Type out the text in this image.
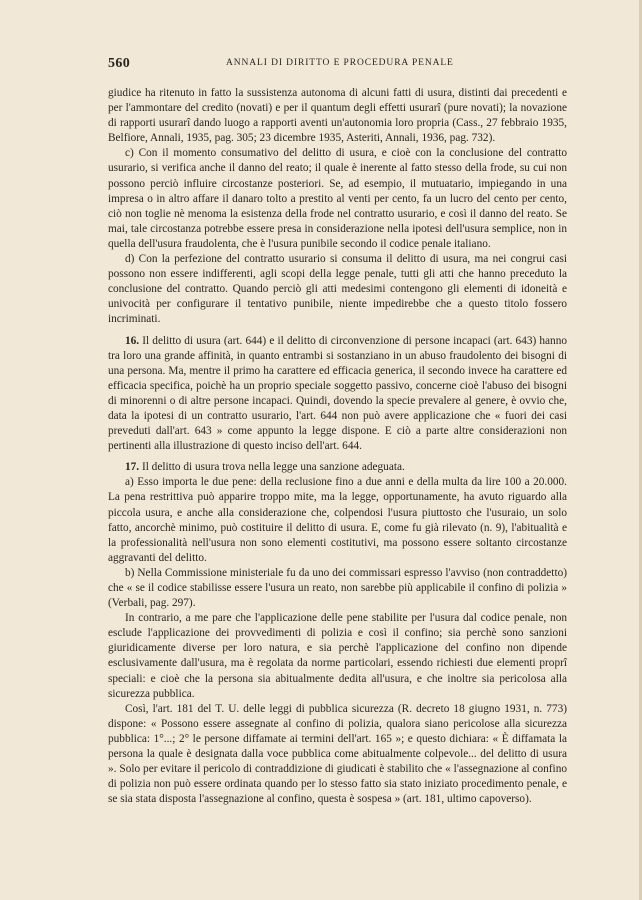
560	ANNALI DI DIRITTO E PROCEDURA PENALE

giudice ha ritenuto in fatto la sussistenza autonoma di alcuni fatti di usura, distinti dai precedenti e per l'ammontare del credito (novati) e per il quantum degli effetti usurarî (pure novati); la novazione di rapporti usurarî dando luogo a rapporti aventi un'autonomia loro propria (Cass., 27 febbraio 1935, Belfiore, Annali, 1935, pag. 305; 23 dicembre 1935, Asteriti, Annali, 1936, pag. 732).

c) Con il momento consumativo del delitto di usura, e cioè con la conclusione del contratto usurario, si verifica anche il danno del reato; il quale è inerente al fatto stesso della frode, su cui non possono perciò influire circostanze posteriori. Se, ad esempio, il mutuatario, impiegando in una impresa o in altro affare il danaro tolto a prestito al venti per cento, fa un lucro del cento per cento, ciò non toglie nè menoma la esistenza della frode nel contratto usurario, e così il danno del reato. Se mai, tale circostanza potrebbe essere presa in considerazione nella ipotesi dell'usura semplice, non in quella dell'usura fraudolenta, che è l'usura punibile secondo il codice penale italiano.

d) Con la perfezione del contratto usurario si consuma il delitto di usura, ma nei congrui casi possono non essere indifferenti, agli scopi della legge penale, tutti gli atti che hanno preceduto la conclusione del contratto. Quando perciò gli atti medesimi contengono gli elementi di idoneità e univocità per configurare il tentativo punibile, niente impedirebbe che a questo titolo fossero incriminati.

16. Il delitto di usura (art. 644) e il delitto di circonvenzione di persone incapaci (art. 643) hanno tra loro una grande affinità, in quanto entrambi si sostanziano in un abuso fraudolento dei bisogni di una persona. Ma, mentre il primo ha carattere ed efficacia generica, il secondo invece ha carattere ed efficacia specifica, poichè ha un proprio speciale soggetto passivo, concerne cioè l'abuso dei bisogni di minorenni o di altre persone incapaci. Quindi, dovendo la specie prevalere al genere, è ovvio che, data la ipotesi di un contratto usurario, l'art. 644 non può avere applicazione che « fuori dei casi preveduti dall'art. 643 » come appunto la legge dispone. E ciò a parte altre considerazioni non pertinenti alla illustrazione di questo inciso dell'art. 644.

17. Il delitto di usura trova nella legge una sanzione adeguata.

a) Esso importa le due pene: della reclusione fino a due anni e della multa da lire 100 a 20.000. La pena restrittiva può apparire troppo mite, ma la legge, opportunamente, ha avuto riguardo alla piccola usura, e anche alla considerazione che, colpendosi l'usura piuttosto che l'usuraio, un solo fatto, ancorchè minimo, può costituire il delitto di usura. E, come fu già rilevato (n. 9), l'abitualità e la professionalità nell'usura non sono elementi costitutivi, ma possono essere soltanto circostanze aggravanti del delitto.

b) Nella Commissione ministeriale fu da uno dei commissari espresso l'avviso (non contraddetto) che « se il codice stabilisse essere l'usura un reato, non sarebbe più applicabile il confino di polizia » (Verbali, pag. 297).

In contrario, a me pare che l'applicazione delle pene stabilite per l'usura dal codice penale, non esclude l'applicazione dei provvedimenti di polizia e così il confino; sia perchè sono sanzioni giuridicamente diverse per loro natura, e sia perchè l'applicazione del confino non dipende esclusivamente dall'usura, ma è regolata da norme particolari, essendo richiesti due elementi proprî speciali: e cioè che la persona sia abitualmente dedita all'usura, e che inoltre sia pericolosa alla sicurezza pubblica.

Così, l'art. 181 del T. U. delle leggi di pubblica sicurezza (R. decreto 18 giugno 1931, n. 773) dispone: « Possono essere assegnate al confino di polizia, qualora siano pericolose alla sicurezza pubblica: 1°...; 2° le persone diffamate ai termini dell'art. 165 »; e questo dichiara: « È diffamata la persona la quale è designata dalla voce pubblica come abitualmente colpevole... del delitto di usura ». Solo per evitare il pericolo di contraddizione di giudicati è stabilito che « l'assegnazione al confino di polizia non può essere ordinata quando per lo stesso fatto sia stato iniziato procedimento penale, e se sia stata disposta l'assegnazione al confino, questa è sospesa » (art. 181, ultimo capoverso).
